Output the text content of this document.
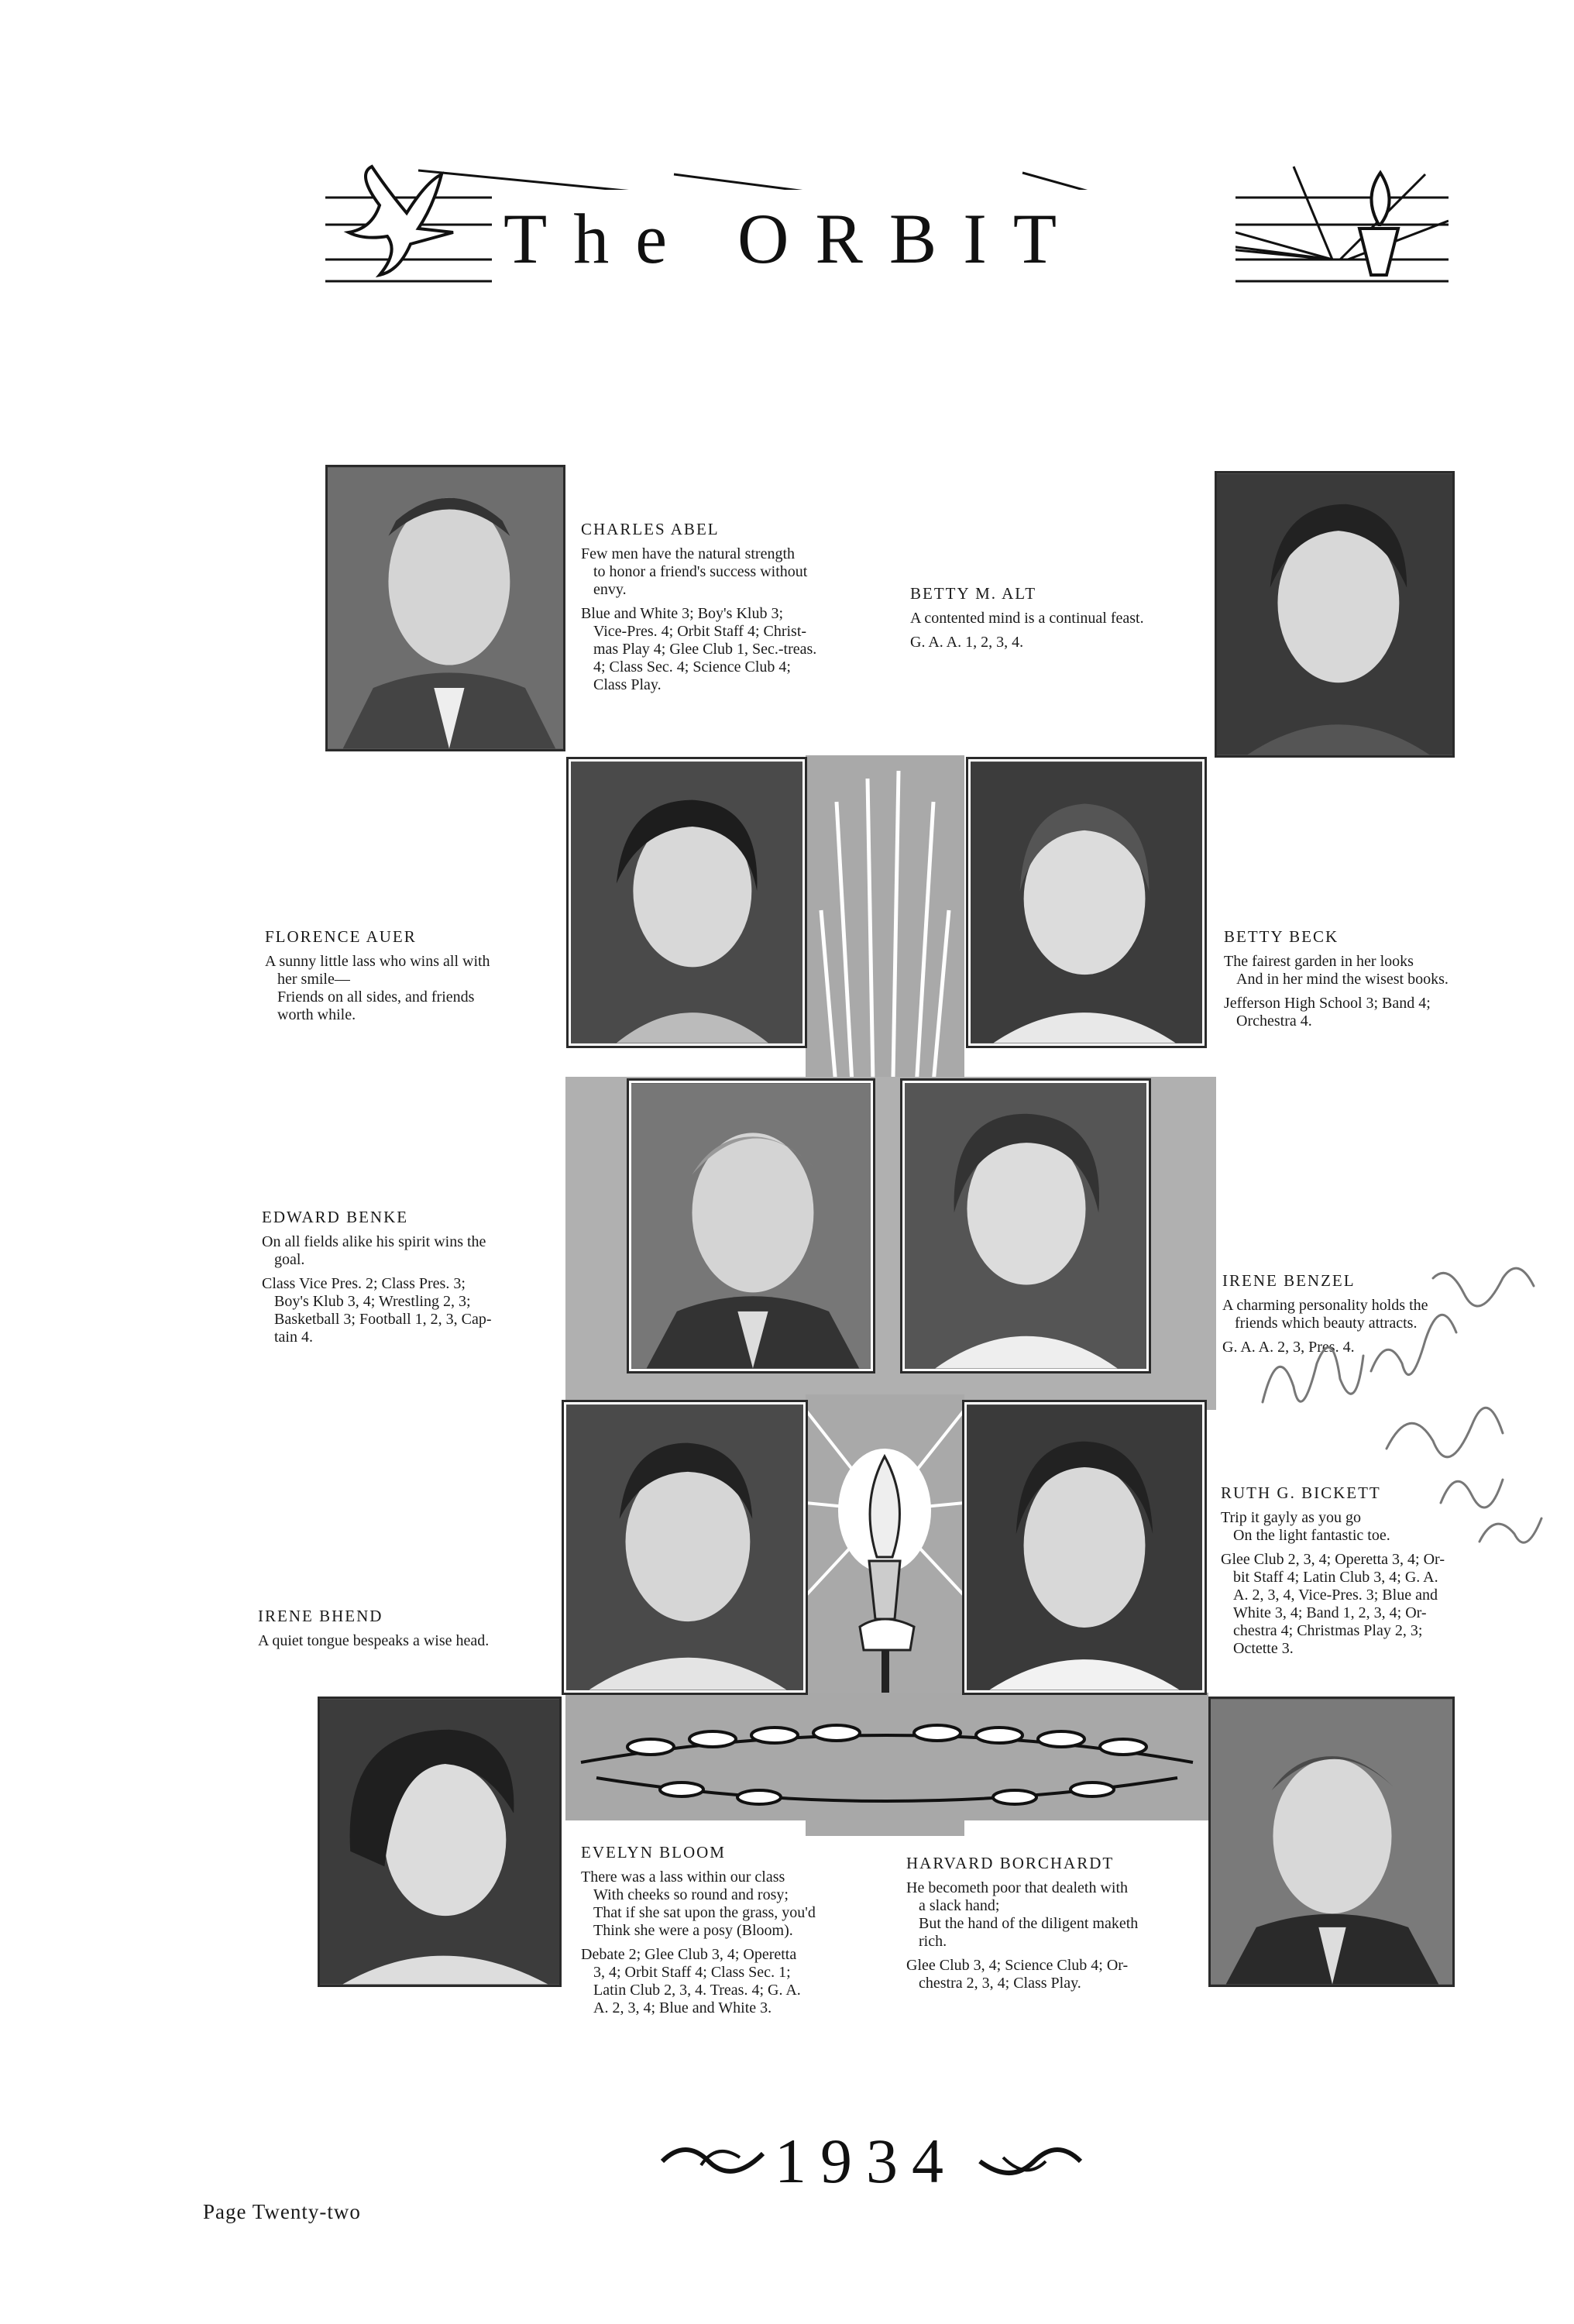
The ORBIT
CHARLES ABEL
Few men have the natural strength
to honor a friend's success without
envy.
Blue and White 3; Boy's Klub 3;
Vice-Pres. 4; Orbit Staff 4; Christ-
mas Play 4; Glee Club 1, Sec.-treas.
4; Class Sec. 4; Science Club 4;
Class Play.
BETTY M. ALT
A contented mind is a continual feast.
G. A. A. 1, 2, 3, 4.
FLORENCE AUER
A sunny little lass who wins all with
her smile—
Friends on all sides, and friends
worth while.
BETTY BECK
The fairest garden in her looks
And in her mind the wisest books.
Jefferson High School 3; Band 4;
Orchestra 4.
EDWARD BENKE
On all fields alike his spirit wins the
goal.
Class Vice Pres. 2; Class Pres. 3;
Boy's Klub 3, 4; Wrestling 2, 3;
Basketball 3; Football 1, 2, 3, Cap-
tain 4.
IRENE BENZEL
A charming personality holds the
friends which beauty attracts.
G. A. A. 2, 3, Pres. 4.
RUTH G. BICKETT
Trip it gayly as you go
On the light fantastic toe.
Glee Club 2, 3, 4; Operetta 3, 4; Or-
bit Staff 4; Latin Club 3, 4; G. A.
A. 2, 3, 4, Vice-Pres. 3; Blue and
White 3, 4; Band 1, 2, 3, 4; Or-
chestra 4; Christmas Play 2, 3;
Octette 3.
IRENE BHEND
A quiet tongue bespeaks a wise head.
EVELYN BLOOM
There was a lass within our class
With cheeks so round and rosy;
That if she sat upon the grass, you'd
Think she were a posy (Bloom).
Debate 2; Glee Club 3, 4; Operetta
3, 4; Orbit Staff 4; Class Sec. 1;
Latin Club 2, 3, 4. Treas. 4; G. A.
A. 2, 3, 4; Blue and White 3.
HARVARD BORCHARDT
He becometh poor that dealeth with
a slack hand;
But the hand of the diligent maketh
rich.
Glee Club 3, 4; Science Club 4; Or-
chestra 2, 3, 4; Class Play.
1934
Page Twenty-two
